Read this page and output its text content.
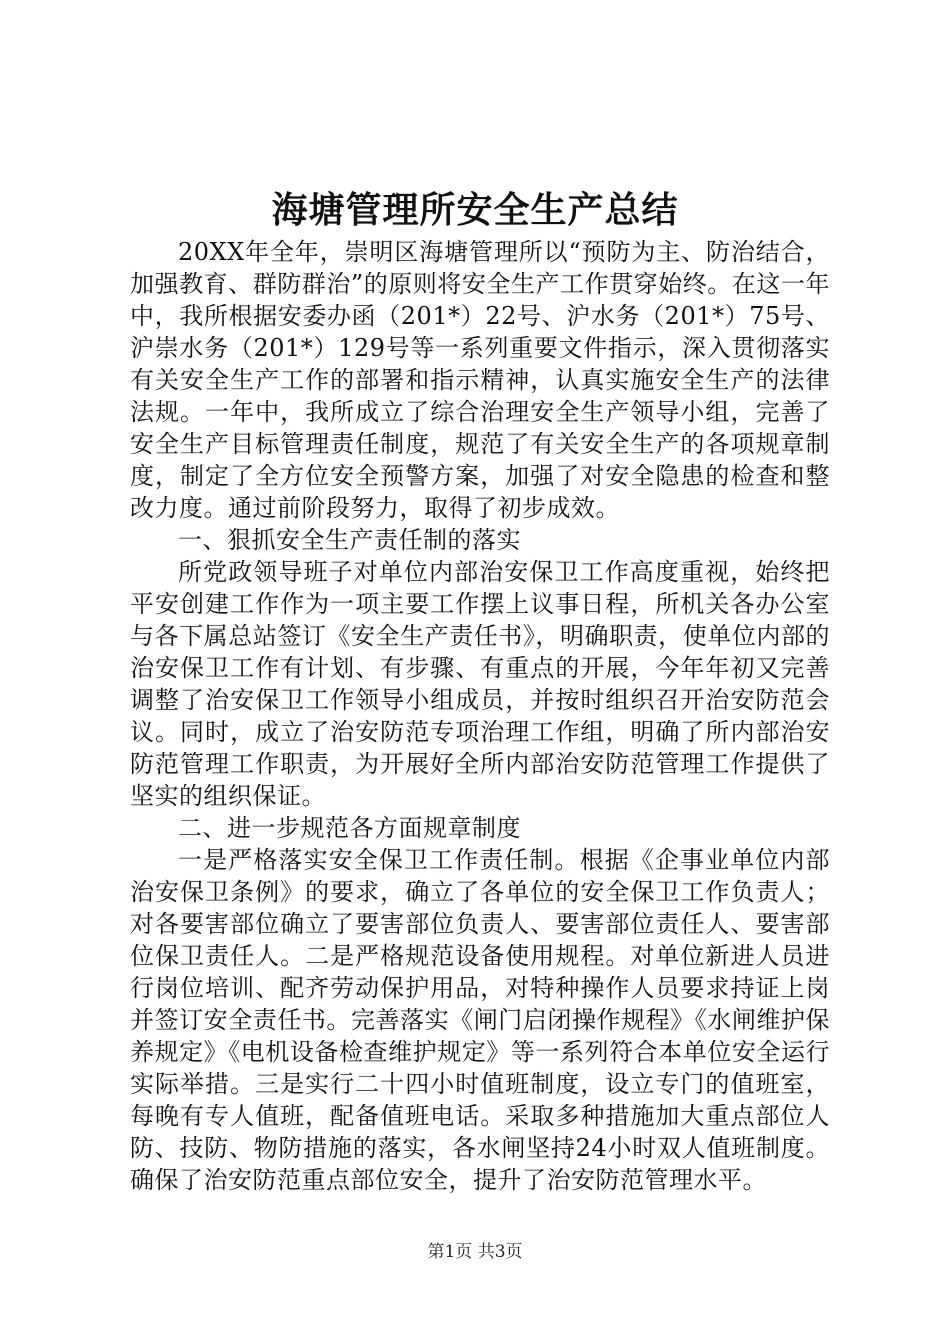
海塘管理所安全生产总结

20XX年全年，崇明区海塘管理所以“预防为主、防治结合，加强教育、群防群治”的原则将安全生产工作贯穿始终。在这一年中，我所根据安委办函（201*）22号、沪水务（201*）75号、沪崇水务（201*）129号等一系列重要文件指示，深入贯彻落实有关安全生产工作的部署和指示精神，认真实施安全生产的法律法规。一年中，我所成立了综合治理安全生产领导小组，完善了安全生产目标管理责任制度，规范了有关安全生产的各项规章制度，制定了全方位安全预警方案，加强了对安全隐患的检查和整改力度。通过前阶段努力，取得了初步成效。

一、狠抓安全生产责任制的落实

所党政领导班子对单位内部治安保卫工作高度重视，始终把平安创建工作作为一项主要工作摆上议事日程，所机关各办公室与各下属总站签订《安全生产责任书》，明确职责，使单位内部的治安保卫工作有计划、有步骤、有重点的开展，今年年初又完善调整了治安保卫工作领导小组成员，并按时组织召开治安防范会议。同时，成立了治安防范专项治理工作组，明确了所内部治安防范管理工作职责，为开展好全所内部治安防范管理工作提供了坚实的组织保证。

二、进一步规范各方面规章制度

一是严格落实安全保卫工作责任制。根据《企事业单位内部治安保卫条例》的要求，确立了各单位的安全保卫工作负责人；对各要害部位确立了要害部位负责人、要害部位责任人、要害部位保卫责任人。二是严格规范设备使用规程。对单位新进人员进行岗位培训、配齐劳动保护用品，对特种操作人员要求持证上岗并签订安全责任书。完善落实《闸门启闭操作规程》《水闸维护保养规定》《电机设备检查维护规定》等一系列符合本单位安全运行实际举措。三是实行二十四小时值班制度，设立专门的值班室，每晚有专人值班，配备值班电话。采取多种措施加大重点部位人防、技防、物防措施的落实，各水闸坚持24小时双人值班制度。确保了治安防范重点部位安全，提升了治安防范管理水平。

第1页 共3页
